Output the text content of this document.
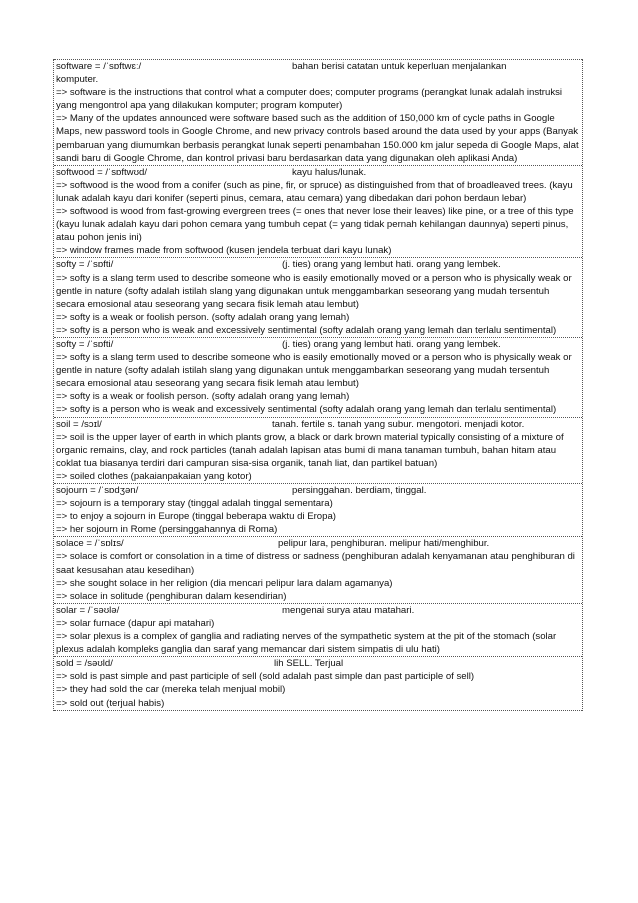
software = /ˈsɒftwɛː/	bahan berisi catatan untuk keperluan menjalankan
komputer.
=> software is the instructions that control what a computer does; computer programs (perangkat lunak adalah instruksi yang mengontrol apa yang dilakukan komputer; program komputer)
=> Many of the updates announced were software based such as the addition of 150,000 km of cycle paths in Google Maps, new password tools in Google Chrome, and new privacy controls based around the data used by your apps (Banyak pembaruan yang diumumkan berbasis perangkat lunak seperti penambahan 150.000 km jalur sepeda di Google Maps, alat sandi baru di Google Chrome, dan kontrol privasi baru berdasarkan data yang digunakan oleh aplikasi Anda)
softwood = /ˈsɒftwʊd/	kayu halus/lunak.
=> softwood is the wood from a conifer (such as pine, fir, or spruce) as distinguished from that of broadleaved trees. (kayu lunak adalah kayu dari konifer (seperti pinus, cemara, atau cemara) yang dibedakan dari pohon berdaun lebar)
=> softwood is wood from fast-growing evergreen trees (= ones that never lose their leaves) like pine, or a tree of this type (kayu lunak adalah kayu dari pohon cemara yang tumbuh cepat (= yang tidak pernah kehilangan daunnya) seperti pinus, atau pohon jenis ini)
=> window frames made from softwood (kusen jendela terbuat dari kayu lunak)
softy = /ˈsɒfti/	(j. ties) orang yang lembut hati. orang yang lembek.
=> softy is a slang term used to describe someone who is easily emotionally moved or a person who is physically weak or gentle in nature (softy adalah istilah slang yang digunakan untuk menggambarkan seseorang yang mudah tersentuh secara emosional atau seseorang yang secara fisik lemah atau lembut)
=> softy is a weak or foolish person. (softy adalah orang yang lemah)
=> softy is a person who is weak and excessively sentimental (softy adalah orang yang lemah dan terlalu sentimental)
softy = /ˈsɒfti/	(j. ties) orang yang lembut hati. orang yang lembek.
=> softy is a slang term used to describe someone who is easily emotionally moved or a person who is physically weak or gentle in nature (softy adalah istilah slang yang digunakan untuk menggambarkan seseorang yang mudah tersentuh secara emosional atau seseorang yang secara fisik lemah atau lembut)
=> softy is a weak or foolish person. (softy adalah orang yang lemah)
=> softy is a person who is weak and excessively sentimental (softy adalah orang yang lemah dan terlalu sentimental)
soil = /sɔɪl/	tanah. fertile s. tanah yang subur. mengotori. menjadi kotor.
=> soil is the upper layer of earth in which plants grow, a black or dark brown material typically consisting of a mixture of organic remains, clay, and rock particles (tanah adalah lapisan atas bumi di mana tanaman tumbuh, bahan hitam atau coklat tua biasanya terdiri dari campuran sisa-sisa organik, tanah liat, dan partikel batuan)
=> soiled clothes (pakaianpakaian yang kotor)
sojourn = /ˈsɒdʒən/	persinggahan. berdiam, tinggal.
=> sojourn is a temporary stay (tinggal adalah tinggal sementara)
=> to enjoy a sojourn in Europe (tinggal beberapa waktu di Eropa)
=> her sojourn in Rome (persinggahannya di Roma)
solace = /ˈsɒlɪs/	pelipur lara, penghiburan. melipur hati/menghibur.
=> solace is comfort or consolation in a time of distress or sadness (penghiburan adalah kenyamanan atau penghiburan di saat kesusahan atau kesedihan)
=> she sought solace in her religion (dia mencari pelipur lara dalam agamanya)
=> solace in solitude (penghiburan dalam kesendirian)
solar = /ˈsəʊlə/	mengenai surya atau matahari.
=> solar furnace (dapur api matahari)
=> solar plexus is a complex of ganglia and radiating nerves of the sympathetic system at the pit of the stomach (solar plexus adalah kompleks ganglia dan saraf yang memancar dari sistem simpatis di ulu hati)
sold = /səʊld/	lih SELL. Terjual
=> sold is past simple and past participle of sell (sold adalah past simple dan past participle of sell)
=> they had sold the car (mereka telah menjual mobil)
=> sold out (terjual habis)
